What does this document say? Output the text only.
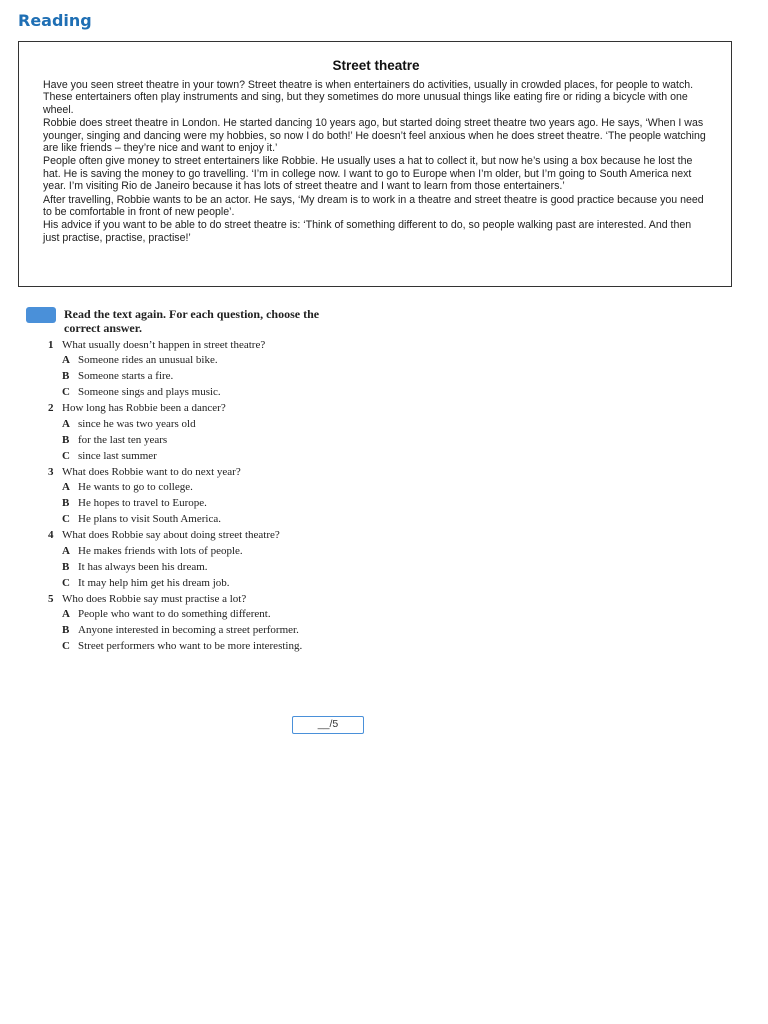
Reading
Street theatre

Have you seen street theatre in your town? Street theatre is when entertainers do activities, usually in crowded places, for people to watch. These entertainers often play instruments and sing, but they sometimes do more unusual things like eating fire or riding a bicycle with one wheel.

Robbie does street theatre in London. He started dancing 10 years ago, but started doing street theatre two years ago. He says, ‘When I was younger, singing and dancing were my hobbies, so now I do both!’ He doesn’t feel anxious when he does street theatre. ‘The people watching are like friends – they’re nice and want to enjoy it.’

People often give money to street entertainers like Robbie. He usually uses a hat to collect it, but now he’s using a box because he lost the hat. He is saving the money to go travelling. ‘I’m in college now. I want to go to Europe when I’m older, but I’m going to South America next year. I’m visiting Rio de Janeiro because it has lots of street theatre and I want to learn from those entertainers.’

After travelling, Robbie wants to be an actor. He says, ‘My dream is to work in a theatre and street theatre is good practice because you need to be comfortable in front of new people’.

His advice if you want to be able to do street theatre is: ‘Think of something different to do, so people walking past are interested. And then just practise, practise, practise!’

Read the text again. For each question, choose the correct answer.
1 What usually doesn’t happen in street theatre?
A Someone rides an unusual bike.
B Someone starts a fire.
C Someone sings and plays music.
2 How long has Robbie been a dancer?
A since he was two years old
B for the last ten years
C since last summer
3 What does Robbie want to do next year?
A He wants to go to college.
B He hopes to travel to Europe.
C He plans to visit South America.
4 What does Robbie say about doing street theatre?
A He makes friends with lots of people.
B It has always been his dream.
C It may help him get his dream job.
5 Who does Robbie say must practise a lot?
A People who want to do something different.
B Anyone interested in becoming a street performer.
C Street performers who want to be more interesting.
__/5
